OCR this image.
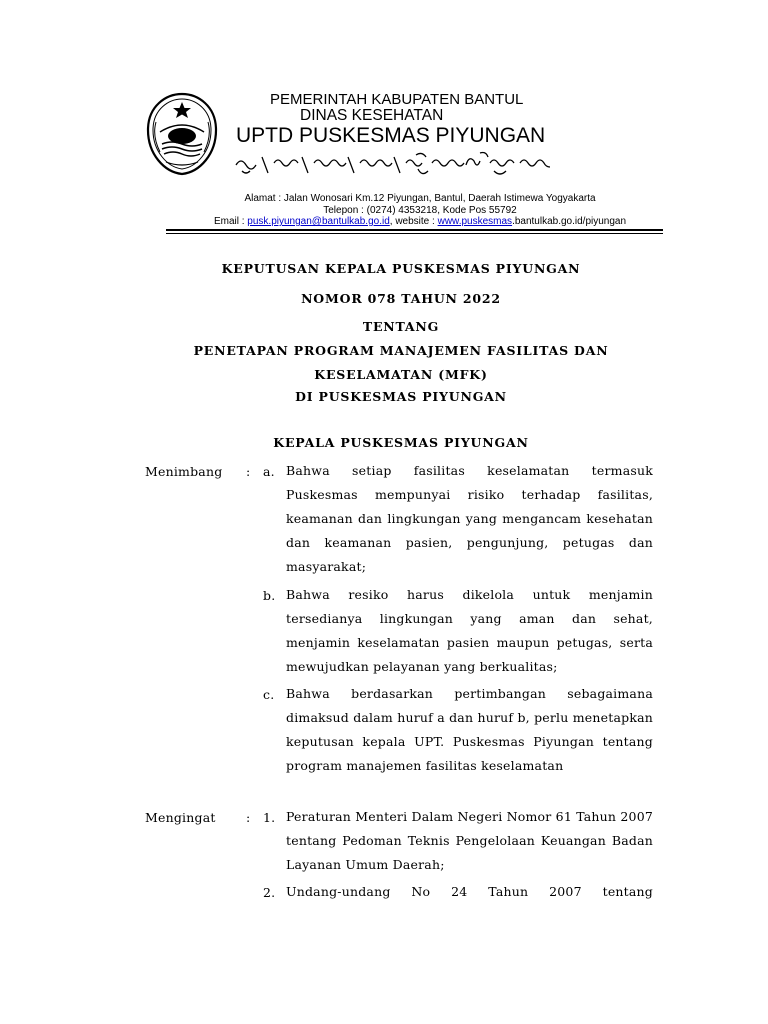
PEMERINTAH KABUPATEN BANTUL
DINAS KESEHATAN
UPTD PUSKESMAS PIYUNGAN
Alamat : Jalan Wonosari Km.12 Piyungan, Bantul, Daerah Istimewa Yogyakarta
Telepon : (0274) 4353218, Kode Pos 55792
Email : pusk.piyungan@bantulkab.go.id, website : www.puskesmas.bantulkab.go.id/piyungan
KEPUTUSAN KEPALA PUSKESMAS PIYUNGAN
NOMOR 078 TAHUN 2022
TENTANG
PENETAPAN PROGRAM MANAJEMEN FASILITAS DAN
KESELAMATAN (MFK)
DI PUSKESMAS PIYUNGAN
KEPALA PUSKESMAS PIYUNGAN
Menimbang : a. Bahwa setiap fasilitas keselamatan termasuk Puskesmas mempunyai risiko terhadap fasilitas, keamanan dan lingkungan yang mengancam kesehatan dan keamanan pasien, pengunjung, petugas dan masyarakat;
b. Bahwa resiko harus dikelola untuk menjamin tersedianya lingkungan yang aman dan sehat, menjamin keselamatan pasien maupun petugas, serta mewujudkan pelayanan yang berkualitas;
c. Bahwa berdasarkan pertimbangan sebagaimana dimaksud dalam huruf a dan huruf b, perlu menetapkan keputusan kepala UPT. Puskesmas Piyungan tentang program manajemen fasilitas keselamatan
Mengingat : 1. Peraturan Menteri Dalam Negeri Nomor 61 Tahun 2007 tentang Pedoman Teknis Pengelolaan Keuangan Badan Layanan Umum Daerah;
2. Undang-undang No 24 Tahun 2007 tentang
